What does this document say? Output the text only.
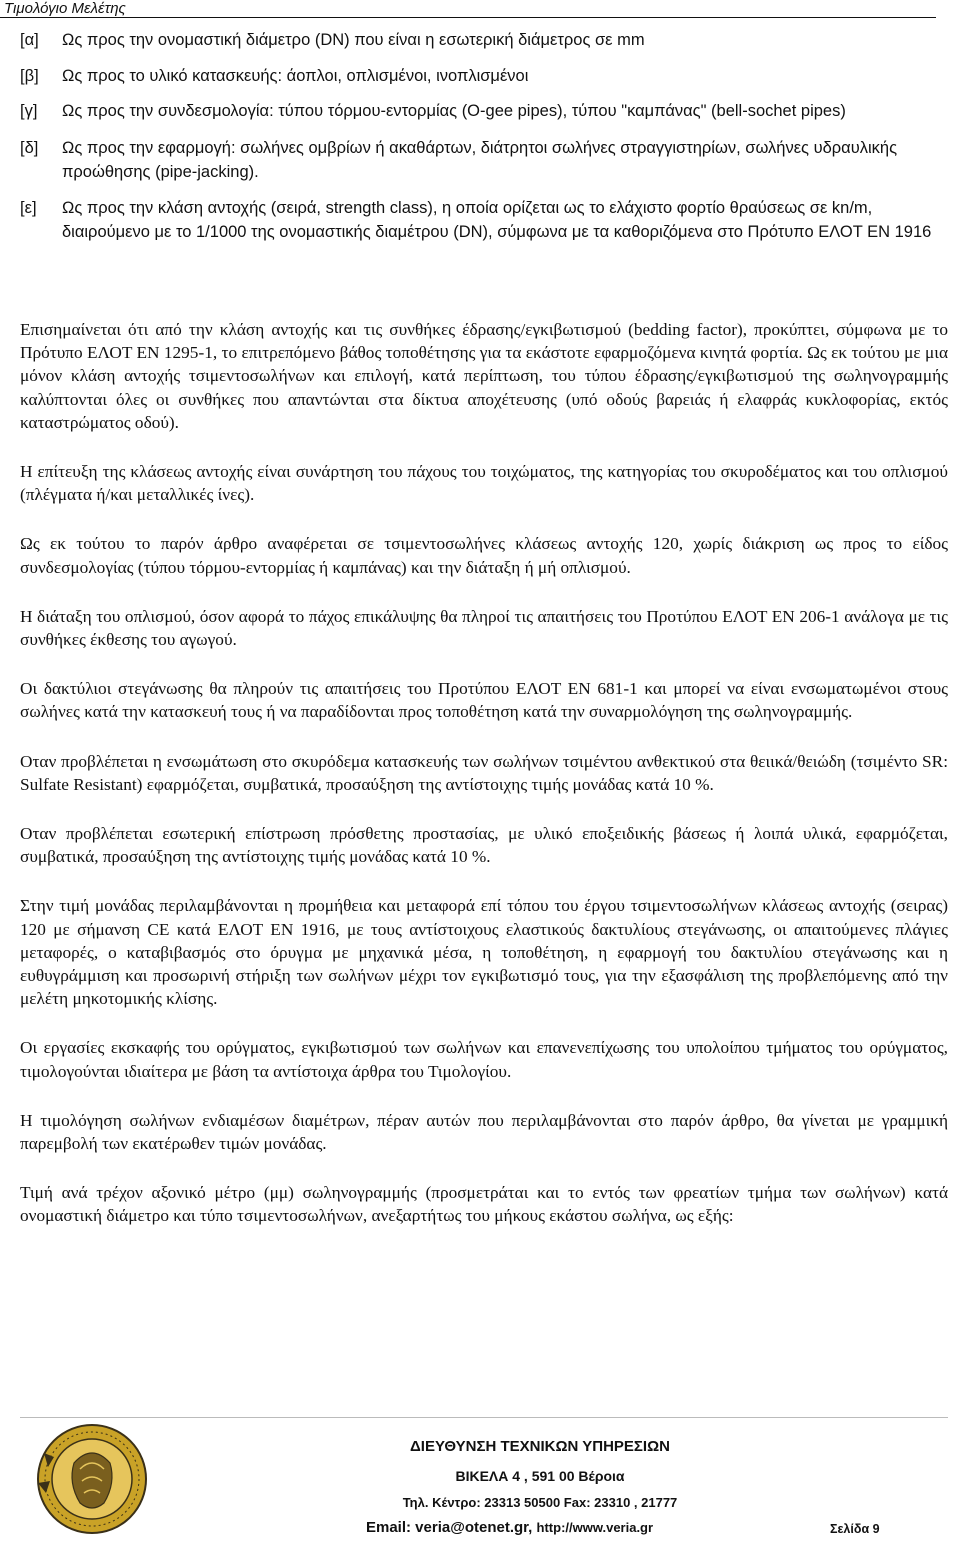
Τιμολόγιο Μελέτης
[α]	Ως προς την ονομαστική διάμετρο (DN) που είναι η εσωτερική διάμετρος σε mm
[β]	Ως προς το υλικό κατασκευής: άοπλοι, οπλισμένοι, ινοπλισμένοι
[γ]	Ως προς την συνδεσμολογία: τύπου τόρμου-εντορμίας (O-gee pipes), τύπου "καμπάνας" (bell-sochet pipes)
[δ]	Ως προς την εφαρμογή: σωλήνες ομβρίων ή ακαθάρτων, διάτρητοι σωλήνες στραγγιστηρίων, σωλήνες υδραυλικής προώθησης (pipe-jacking).
[ε]	Ως προς την κλάση αντοχής (σειρά, strength class), η οποία ορίζεται ως το ελάχιστο φορτίο θραύσεως σε kn/m, διαιρούμενο με το 1/1000 της ονομαστικής διαμέτρου (DN), σύμφωνα με τα καθοριζόμενα στο Πρότυπο ΕΛΟΤ ΕΝ 1916

Επισημαίνεται ότι από την κλάση αντοχής και τις συνθήκες έδρασης/εγκιβωτισμού (bedding factor), προκύπτει, σύμφωνα με το Πρότυπο ΕΛΟΤ ΕΝ 1295-1, το επιτρεπόμενο βάθος τοποθέτησης για τα εκάστοτε εφαρμοζόμενα κινητά φορτία. Ως εκ τούτου με μια μόνον κλάση αντοχής τσιμεντοσωλήνων και επιλογή, κατά περίπτωση, του τύπου έδρασης/εγκιβωτισμού της σωληνογραμμής καλύπτονται όλες οι συνθήκες που απαντώνται στα δίκτυα αποχέτευσης (υπό οδούς βαρειάς ή ελαφράς κυκλοφορίας, εκτός καταστρώματος οδού).

Η επίτευξη της κλάσεως αντοχής είναι συνάρτηση του πάχους του τοιχώματος, της κατηγορίας του σκυροδέματος και του οπλισμού (πλέγματα ή/και μεταλλικές ίνες).

Ως εκ τούτου το παρόν άρθρο αναφέρεται σε τσιμεντοσωλήνες κλάσεως αντοχής 120, χωρίς διάκριση ως προς το είδος συνδεσμολογίας (τύπου τόρμου-εντορμίας ή καμπάνας) και την διάταξη ή μή οπλισμού.

Η διάταξη του οπλισμού, όσον αφορά το πάχος επικάλυψης θα πληροί τις απαιτήσεις του Προτύπου ΕΛΟΤ ΕΝ 206-1 ανάλογα με τις συνθήκες έκθεσης του αγωγού.

Οι δακτύλιοι στεγάνωσης θα πληρούν τις απαιτήσεις του Προτύπου ΕΛΟΤ ΕΝ 681-1 και μπορεί να είναι ενσωματωμένοι στους σωλήνες κατά την κατασκευή τους ή να παραδίδονται προς τοποθέτηση κατά την συναρμολόγηση της σωληνογραμμής.

Οταν προβλέπεται η ενσωμάτωση στο σκυρόδεμα κατασκευής των σωλήνων τσιμέντου ανθεκτικού στα θειικά/θειώδη (τσιμέντο SR: Sulfate Resistant) εφαρμόζεται, συμβατικά, προσαύξηση της αντίστοιχης τιμής μονάδας κατά 10 %.

Οταν προβλέπεται εσωτερική επίστρωση πρόσθετης προστασίας, με υλικό εποξειδικής βάσεως ή λοιπά υλικά, εφαρμόζεται, συμβατικά, προσαύξηση της αντίστοιχης τιμής μονάδας κατά 10 %.

Στην τιμή μονάδας περιλαμβάνονται η προμήθεια και μεταφορά επί τόπου του έργου τσιμεντοσωλήνων κλάσεως αντοχής (σειρας) 120 με σήμανση CE κατά ΕΛΟΤ ΕΝ 1916, με τους αντίστοιχους ελαστικούς δακτυλίους στεγάνωσης, οι απαιτούμενες πλάγιες μεταφορές, ο καταβιβασμός στο όρυγμα με μηχανικά μέσα, η τοποθέτηση, η εφαρμογή του δακτυλίου στεγάνωσης και η ευθυγράμμιση και προσωρινή στήριξη των σωλήνων μέχρι τον εγκιβωτισμό τους, για την εξασφάλιση της προβλεπόμενης από την μελέτη μηκοτομικής κλίσης.

Οι εργασίες εκσκαφής του ορύγματος, εγκιβωτισμού των σωλήνων και επανενεπίχωσης του υπολοίπου τμήματος του ορύγματος, τιμολογούνται ιδιαίτερα με βάση τα αντίστοιχα άρθρα του Τιμολογίου.

Η τιμολόγηση σωλήνων ενδιαμέσων διαμέτρων, πέραν αυτών που περιλαμβάνονται στο παρόν άρθρο, θα γίνεται με γραμμική παρεμβολή των εκατέρωθεν τιμών μονάδας.

Τιμή ανά τρέχον αξονικό μέτρο (μμ) σωληνογραμμής (προσμετράται και το εντός των φρεατίων τμήμα των σωλήνων) κατά ονομαστική διάμετρο και τύπο τσιμεντοσωλήνων, ανεξαρτήτως του μήκους εκάστου σωλήνα, ως εξής:

ΔΙΕΥΘΥΝΣΗ ΤΕΧΝΙΚΩΝ ΥΠΗΡΕΣΙΩΝ
ΒΙΚΕΛΑ 4 , 591 00 Βέροια
Τηλ. Κέντρο: 23313 50500 Fax: 23310 , 21777
Email: veria@otenet.gr, http://www.veria.gr	Σελίδα 9
